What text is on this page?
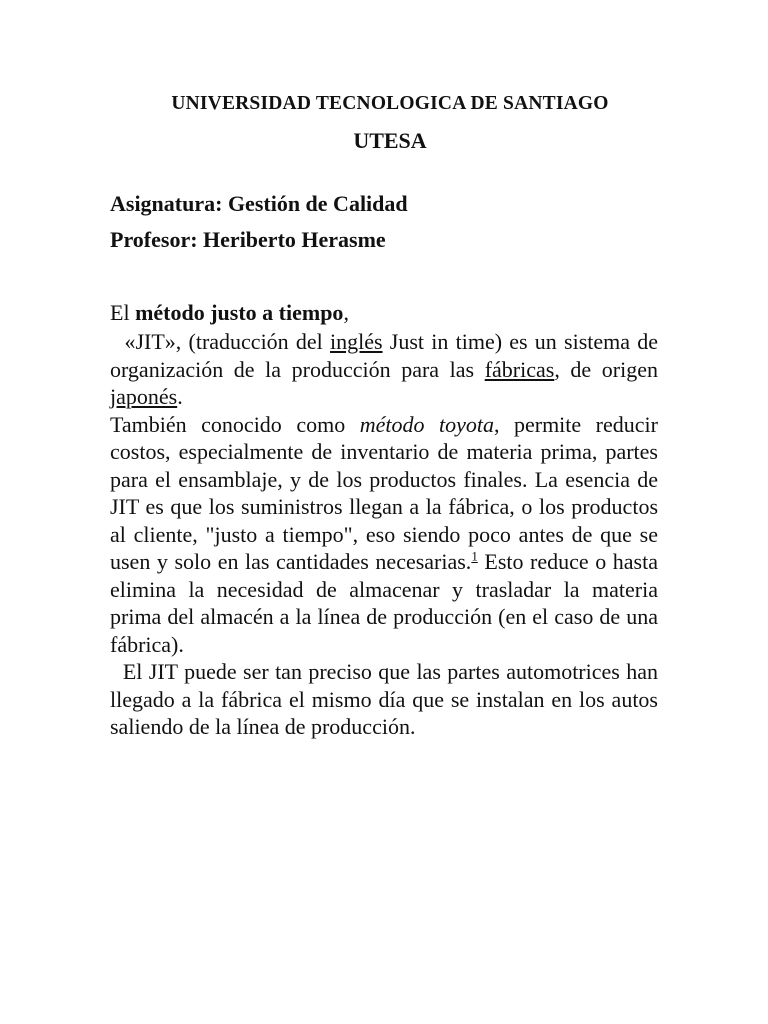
UNIVERSIDAD TECNOLOGICA DE SANTIAGO
UTESA

Asignatura: Gestión de Calidad

Profesor: Heriberto Herasme

El método justo a tiempo,

«JIT», (traducción del inglés Just in time) es un sistema de organización de la producción para las fábricas, de origen japonés.

También conocido como método toyota, permite reducir costos, especialmente de inventario de materia prima, partes para el ensamblaje, y de los productos finales. La esencia de JIT es que los suministros llegan a la fábrica, o los productos al cliente, "justo a tiempo", eso siendo poco antes de que se usen y solo en las cantidades necesarias.$^1$ Esto reduce o hasta elimina la necesidad de almacenar y trasladar la materia prima del almacén a la línea de producción (en el caso de una fábrica).

El JIT puede ser tan preciso que las partes automotrices han llegado a la fábrica el mismo día que se instalan en los autos saliendo de la línea de producción.
